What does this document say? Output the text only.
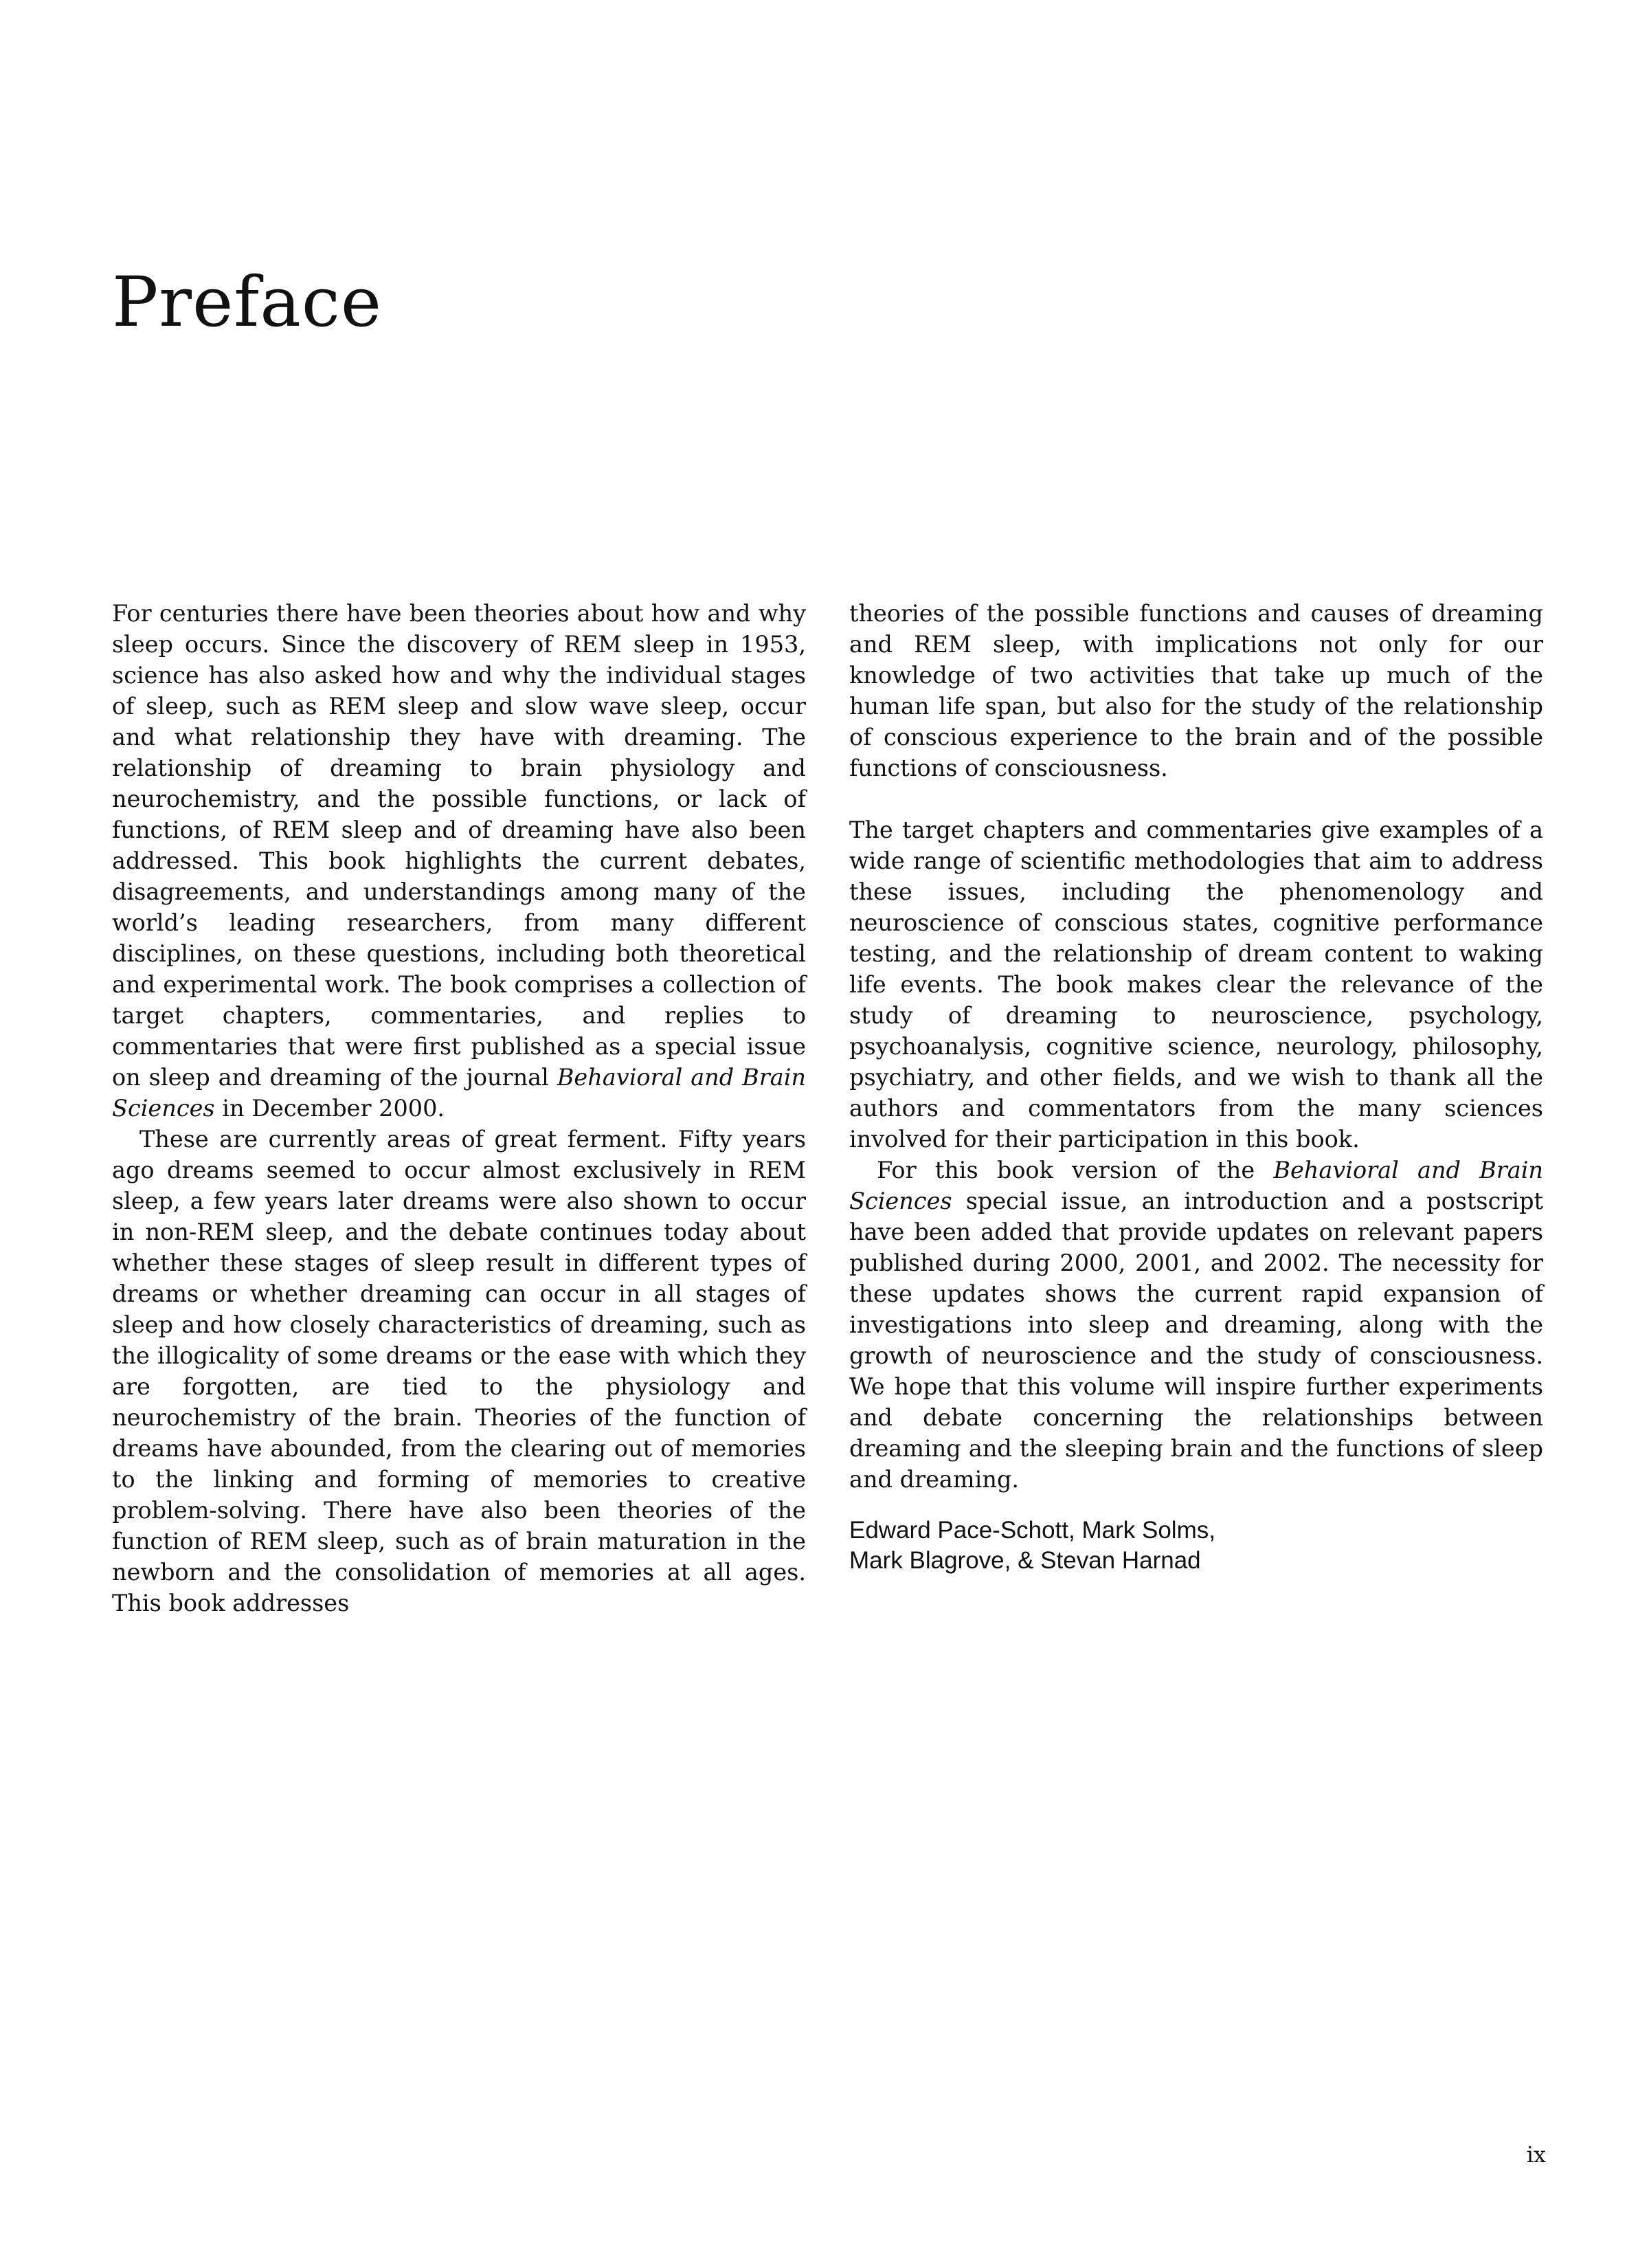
Preface

For centuries there have been theories about how and why sleep occurs. Since the discovery of REM sleep in 1953, science has also asked how and why the individual stages of sleep, such as REM sleep and slow wave sleep, occur and what relationship they have with dreaming. The relationship of dreaming to brain physiology and neurochemistry, and the possible functions, or lack of functions, of REM sleep and of dreaming have also been addressed. This book highlights the current debates, disagreements, and understandings among many of the world’s leading researchers, from many different disciplines, on these questions, including both theoretical and experimental work. The book comprises a collection of target chapters, commentaries, and replies to commentaries that were first published as a special issue on sleep and dreaming of the journal Behavioral and Brain Sciences in December 2000.

These are currently areas of great ferment. Fifty years ago dreams seemed to occur almost exclusively in REM sleep, a few years later dreams were also shown to occur in non-REM sleep, and the debate continues today about whether these stages of sleep result in different types of dreams or whether dreaming can occur in all stages of sleep and how closely characteristics of dreaming, such as the illogicality of some dreams or the ease with which they are forgotten, are tied to the physiology and neurochemistry of the brain. Theories of the function of dreams have abounded, from the clearing out of memories to the linking and forming of memories to creative problem-solving. There have also been theories of the function of REM sleep, such as of brain maturation in the newborn and the consolidation of memories at all ages. This book addresses

theories of the possible functions and causes of dreaming and REM sleep, with implications not only for our knowledge of two activities that take up much of the human life span, but also for the study of the relationship of conscious experience to the brain and of the possible functions of consciousness.

The target chapters and commentaries give examples of a wide range of scientific methodologies that aim to address these issues, including the phenomenology and neuroscience of conscious states, cognitive performance testing, and the relationship of dream content to waking life events. The book makes clear the relevance of the study of dreaming to neuroscience, psychology, psychoanalysis, cognitive science, neurology, philosophy, psychiatry, and other fields, and we wish to thank all the authors and commentators from the many sciences involved for their participation in this book.

For this book version of the Behavioral and Brain Sciences special issue, an introduction and a postscript have been added that provide updates on relevant papers published during 2000, 2001, and 2002. The necessity for these updates shows the current rapid expansion of investigations into sleep and dreaming, along with the growth of neuroscience and the study of consciousness. We hope that this volume will inspire further experiments and debate concerning the relationships between dreaming and the sleeping brain and the functions of sleep and dreaming.

Edward Pace-Schott, Mark Solms,
Mark Blagrove, & Stevan Harnad
ix
